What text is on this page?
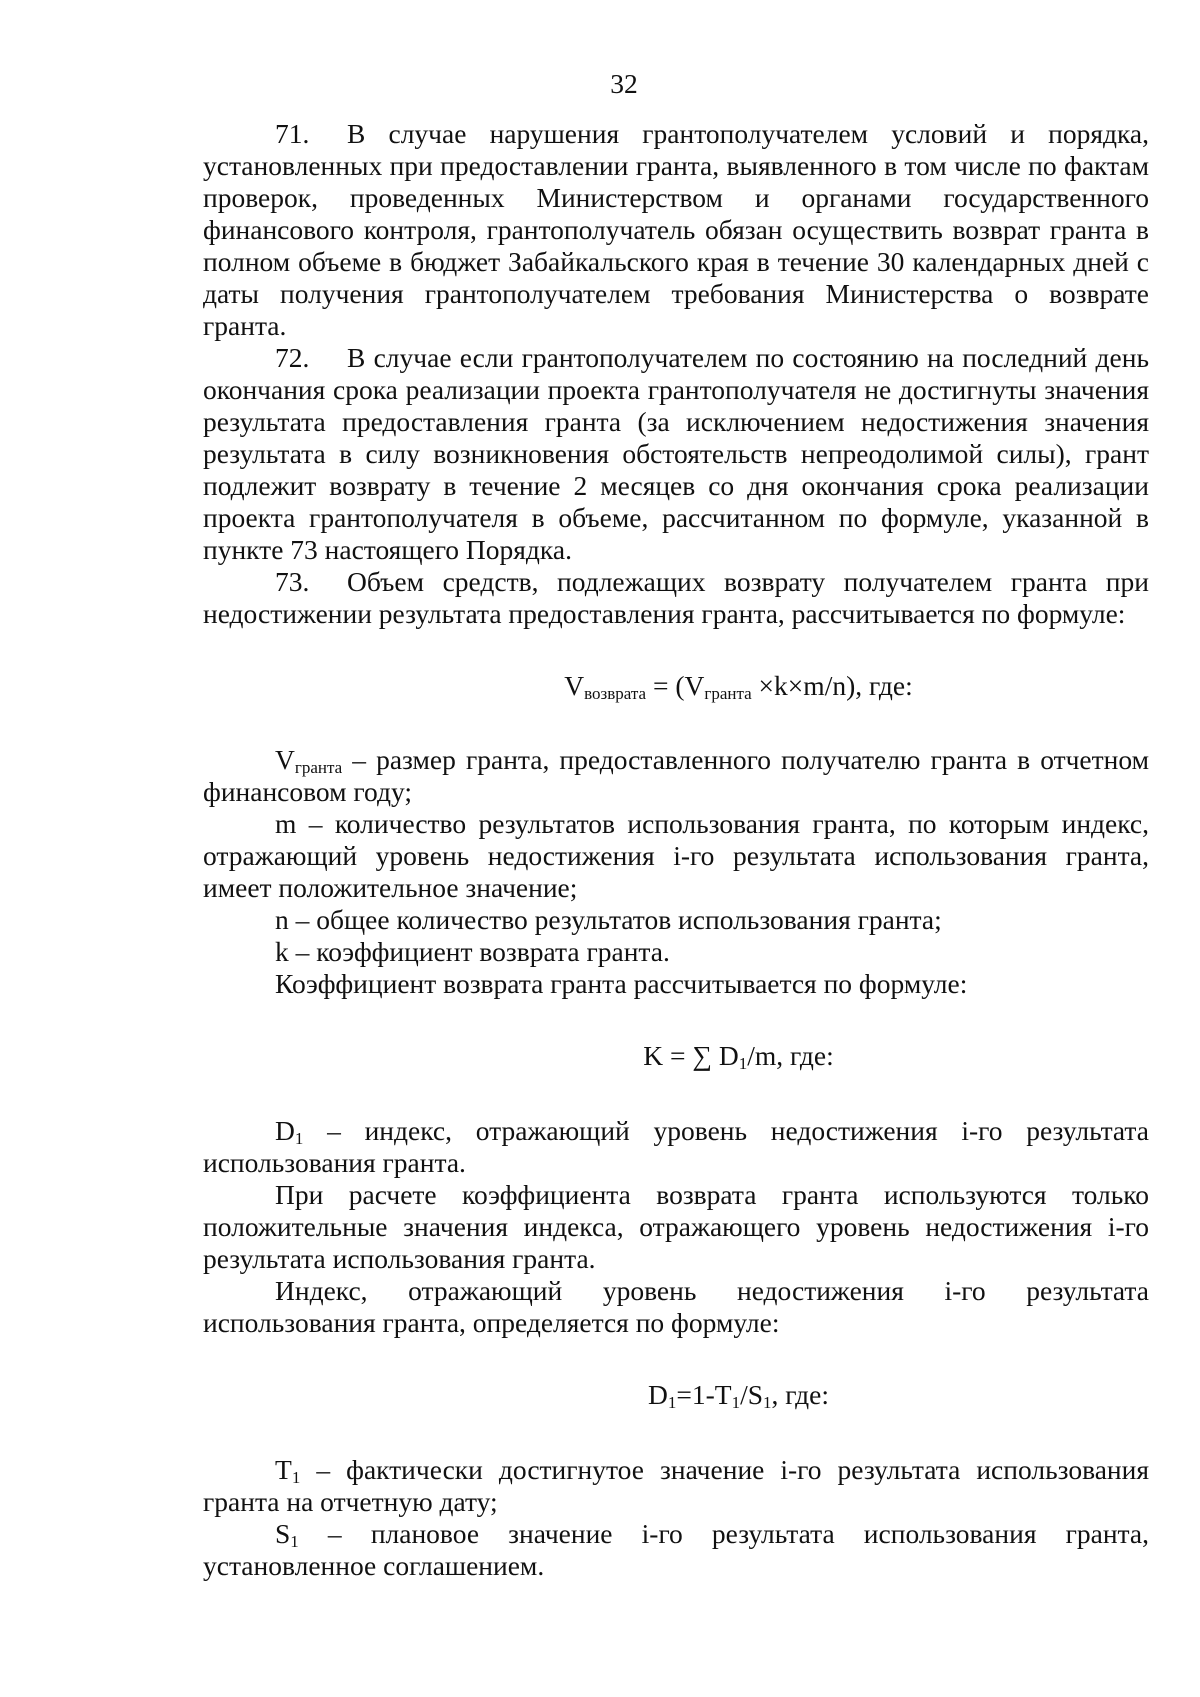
32

71. В случае нарушения грантополучателем условий и порядка, установленных при предоставлении гранта, выявленного в том числе по фактам проверок, проведенных Министерством и органами государственного финансового контроля, грантополучатель обязан осуществить возврат гранта в полном объеме в бюджет Забайкальского края в течение 30 календарных дней с даты получения грантополучателем требования Министерства о возврате гранта.

72. В случае если грантополучателем по состоянию на последний день окончания срока реализации проекта грантополучателя не достигнуты значения результата предоставления гранта (за исключением недостижения значения результата в силу возникновения обстоятельств непреодолимой силы), грант подлежит возврату в течение 2 месяцев со дня окончания срока реализации проекта грантополучателя в объеме, рассчитанном по формуле, указанной в пункте 73 настоящего Порядка.

73. Объем средств, подлежащих возврату получателем гранта при недостижении результата предоставления гранта, рассчитывается по формуле:

$V_{возврата} = (V_{гранта} \times k\times m/n)$, где:

$V_{гранта}$ – размер гранта, предоставленного получателю гранта в отчетном финансовом году;

m – количество результатов использования гранта, по которым индекс, отражающий уровень недостижения i-го результата использования гранта, имеет положительное значение;

n – общее количество результатов использования гранта;

k – коэффициент возврата гранта.

Коэффициент возврата гранта рассчитывается по формуле:

K = ∑ $D_1/m$, где:

$D_1$ – индекс, отражающий уровень недостижения i-го результата использования гранта.

При расчете коэффициента возврата гранта используются только положительные значения индекса, отражающего уровень недостижения i-го результата использования гранта.

Индекс, отражающий уровень недостижения i-го результата использования гранта, определяется по формуле:

$D_1=1-T_1/S_1$, где:

$T_1$ – фактически достигнутое значение i-го результата использования гранта на отчетную дату;

$S_1$ – плановое значение i-го результата использования гранта, установленное соглашением.
